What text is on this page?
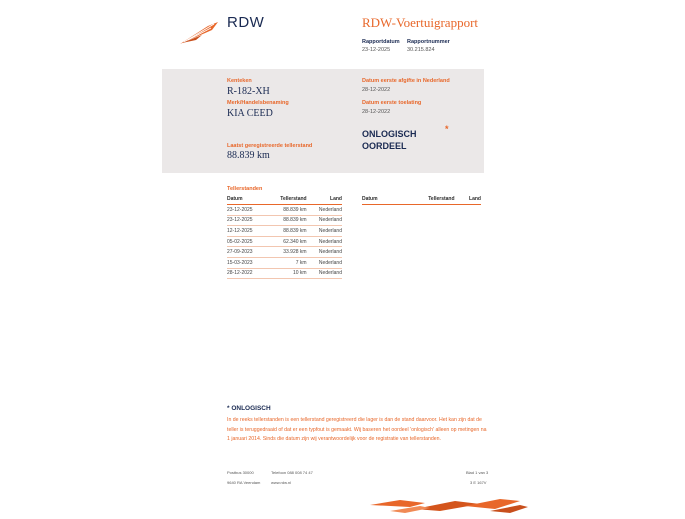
RDW	RDW-Voertuigrapport
Rapportdatum
23-12-2025
Rapportnummer
30.215.824
Kenteken
R-182-XH
Merk/Handelsbenaming
KIA CEED
Laatst geregistreerde tellerstand
88.839 km
Datum eerste afgifte in Nederland
28-12-2022
Datum eerste toelating
28-12-2022
ONLOGISCH OORDEEL
*
Tellerstanden
Datum	Tellerstand	Land
23-12-2025	88.839 km	Nederland
23-12-2025	88.839 km	Nederland
12-12-2025	88.839 km	Nederland
05-02-2025	62.340 km	Nederland
27-09-2023	33.928 km	Nederland
15-03-2023	7 km	Nederland
28-12-2022	10 km	Nederland
Datum	Tellerstand	Land
* ONLOGISCH
In de reeks tellerstanden is een tellerstand geregistreerd die lager is dan de stand daarvoor. Het kan zijn dat de teller is teruggedraaid of dat er een typfout is gemaakt. Wij baseren het oordeel 'onlogisch' alleen op metingen na 1 januari 2014. Sinds die datum zijn wij verantwoordelijk voor de registratie van tellerstanden.
Postbus 30000
9640 RA Veendam
Telefoon 088 008 74 47
www.rdw.nl
Blad 1 van 3
3 E 167V
